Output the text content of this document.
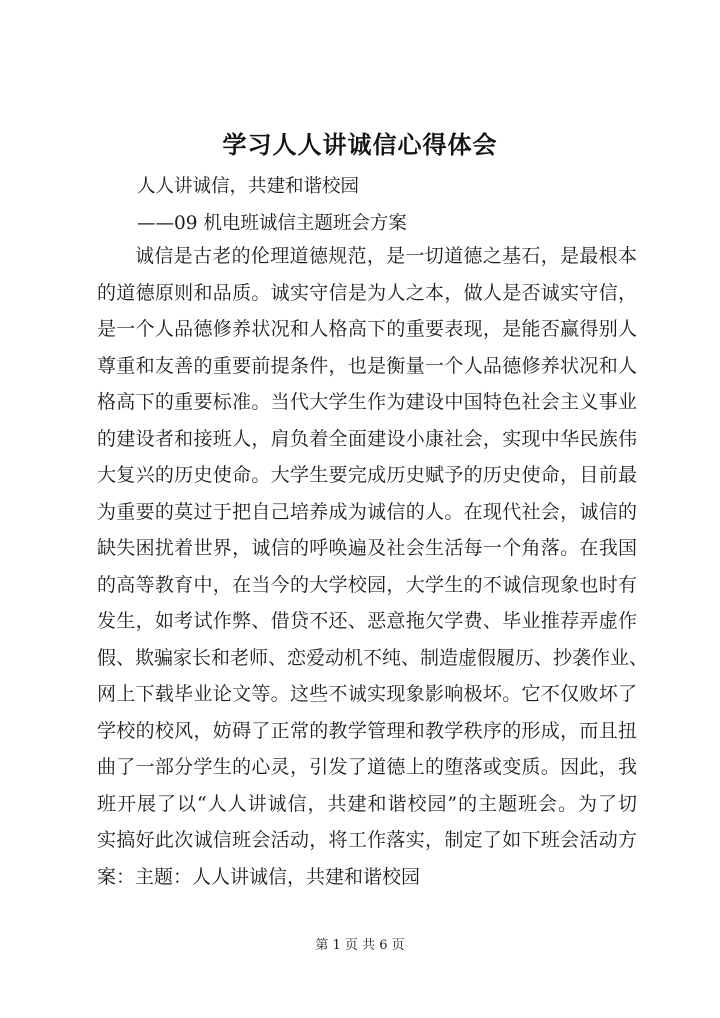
学习人人讲诚信心得体会
人人讲诚信，共建和谐校园
——09 机电班诚信主题班会方案
诚信是古老的伦理道德规范，是一切道德之基石，是最根本
的道德原则和品质。诚实守信是为人之本，做人是否诚实守信，
是一个人品德修养状况和人格高下的重要表现，是能否赢得别人
尊重和友善的重要前提条件，也是衡量一个人品德修养状况和人
格高下的重要标准。当代大学生作为建设中国特色社会主义事业
的建设者和接班人，肩负着全面建设小康社会，实现中华民族伟
大复兴的历史使命。大学生要完成历史赋予的历史使命，目前最
为重要的莫过于把自己培养成为诚信的人。在现代社会，诚信的
缺失困扰着世界，诚信的呼唤遍及社会生活每一个角落。在我国
的高等教育中，在当今的大学校园，大学生的不诚信现象也时有
发生，如考试作弊、借贷不还、恶意拖欠学费、毕业推荐弄虚作
假、欺骗家长和老师、恋爱动机不纯、制造虚假履历、抄袭作业、
网上下载毕业论文等。这些不诚实现象影响极坏。它不仅败坏了
学校的校风，妨碍了正常的教学管理和教学秩序的形成，而且扭
曲了一部分学生的心灵，引发了道德上的堕落或变质。因此，我
班开展了以“人人讲诚信，共建和谐校园”的主题班会。为了切
实搞好此次诚信班会活动，将工作落实，制定了如下班会活动方
案：主题：人人讲诚信，共建和谐校园
第 1 页 共 6 页
